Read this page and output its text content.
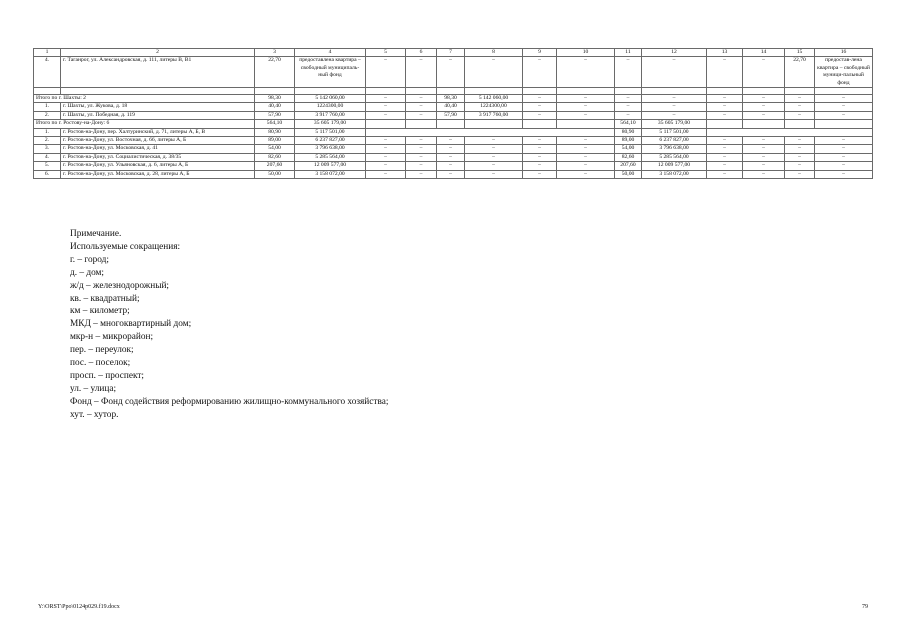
1	2	3	4	5	6	7	8	9	10	11	12	13	14	15	16
4.	г. Таганрог, ул. Александровская, д. 111, литеры В, В1	22,70	предоставлена квартира – свободный муниципаль-ный фонд	–	–	–	–	–	–	–	–	–	–	22,70	предостав-лена квартира – свободный муници-пальный фонд

Итого по г. Шахты: 2		98,30	5 142 060,00	–	–	98,30	5 142 060,00	–	–	–	–	–	–	–	–
1.	г. Шахты, ул. Жукова, д. 18	40,40	1224300,00	–	–	40,40	1224300,00	–	–	–	–	–	–	–	–
2.	г. Шахты, ул. Победная, д. 119	57,90	3 917 760,00	–	–	57,90	3 917 760,00	–	–	–	–	–	–	–	–
Итого по г. Ростову-на-Дону: 6		564,10	35 605 179,00							564,10	35 605 179,00				
1.	г. Ростов-на-Дону, пер. Халтуринский, д. 71, литеры А, Б, В	80,90	5 117 501,00							80,90	5 117 501,00				
2.	г. Ростов-на-Дону, ул. Восточная, д. 66, литеры А, Б	89,00	6 237 827,00	–	–	–	–	–	–	89,00	6 237 827,00	–	–	–	–
3.	г. Ростов-на-Дону, ул. Московская, д. 41	54,00	3 796 638,00	–	–	–	–	–	–	54,00	3 796 638,00	–	–	–	–
4.	г. Ростов-на-Дону, ул. Социалистическая, д. 38/35	82,60	5 285 564,00	–	–	–	–	–	–	82,60	5 285 564,00	–	–	–	–
5.	г. Ростов-на-Дону, ул. Ульяновская, д. 6, литеры А, Б	207,60	12 009 577,00	–	–	–	–	–	–	207,60	12 009 577,00	–	–	–	–
6.	г. Ростов-на-Дону, ул. Московская, д. 28, литеры А, Б	50,00	3 158 072,00	–	–	–	–	–	–	50,00	3 158 072,00	–	–	–	–
Примечание.
Используемые сокращения:
г. – город;
д. – дом;
ж/д – железнодорожный;
кв. – квадратный;
км – километр;
МКД – многоквартирный дом;
мкр-н – микрорайон;
пер. – переулок;
пос. – поселок;
просп. – проспект;
ул. – улица;
Фонд – Фонд содействия реформированию жилищно-коммунального хозяйства;
хут. – хутор.
Y:\ORST\Ppo\0124p029.f19.docx	79
